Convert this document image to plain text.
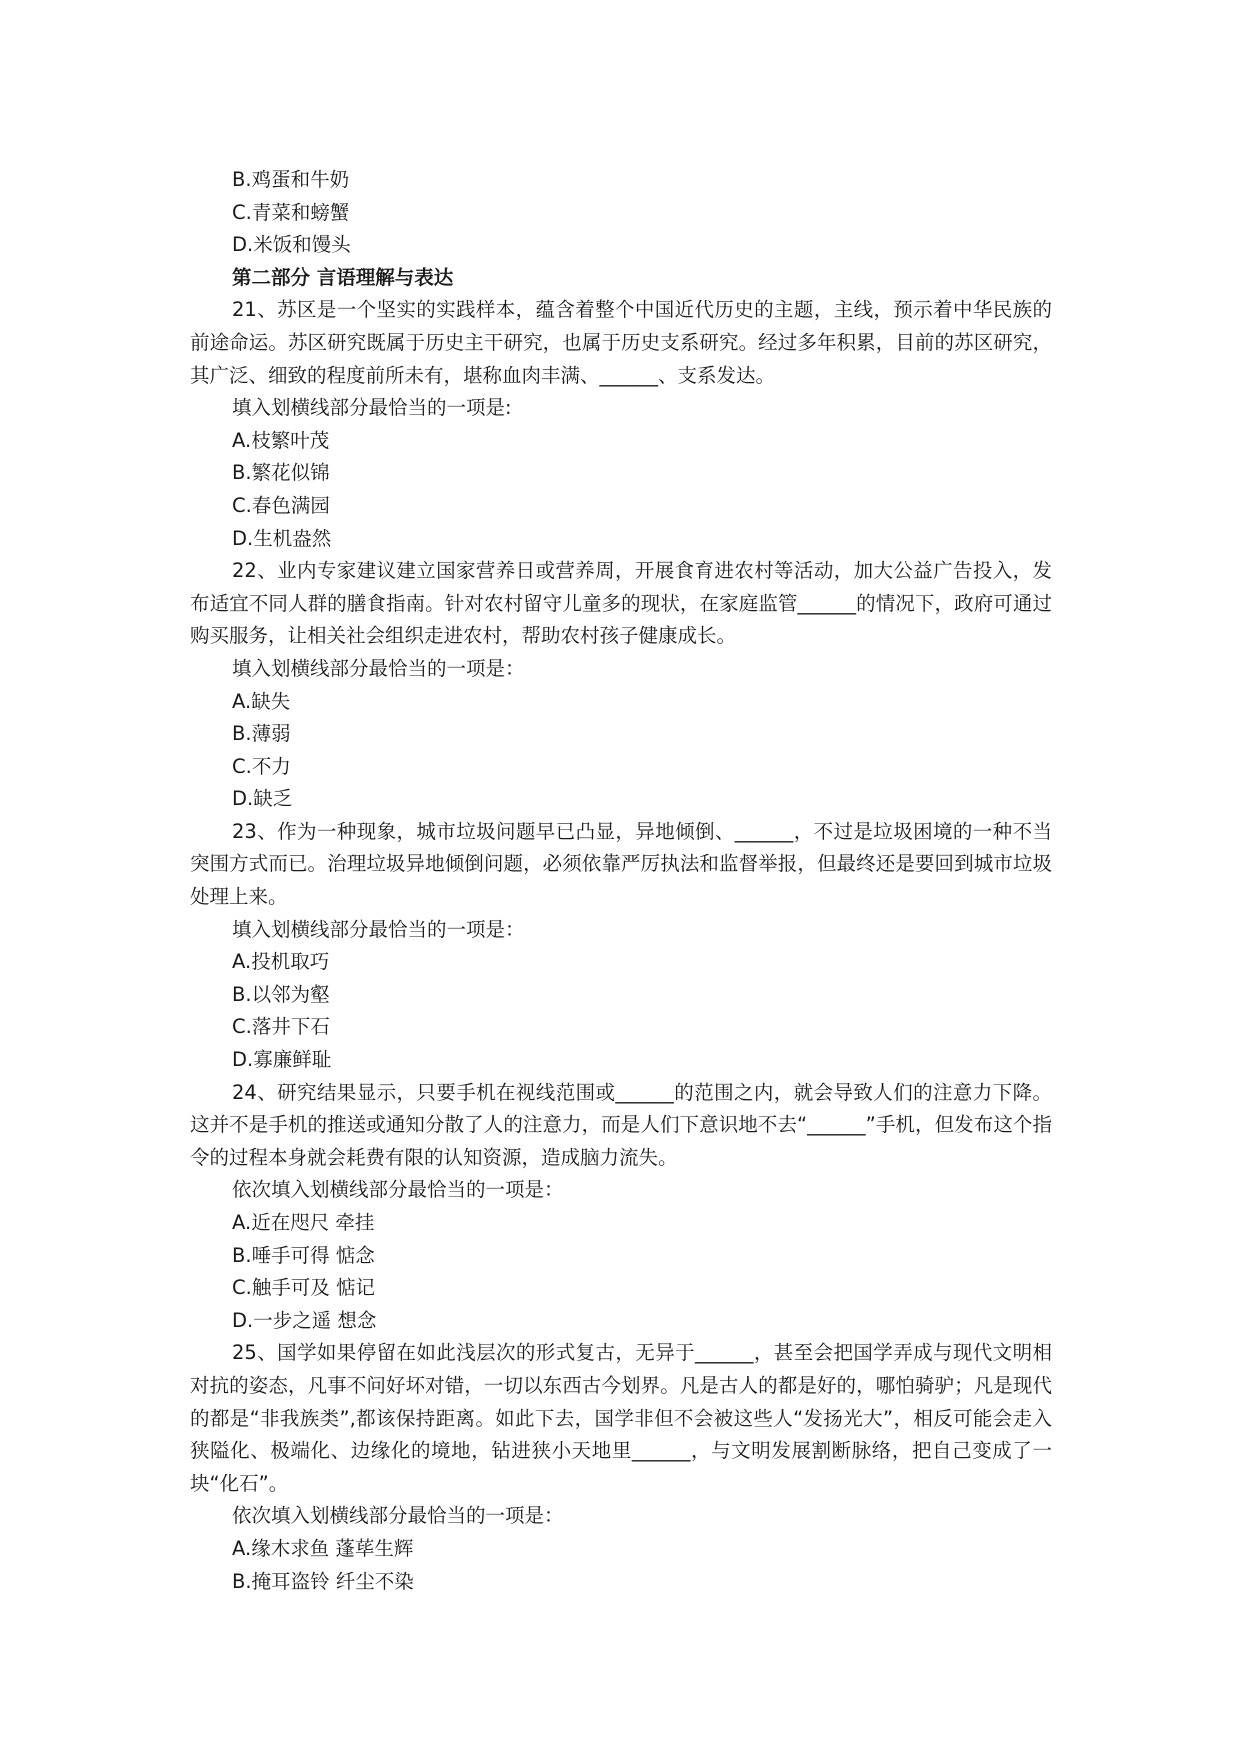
B.鸡蛋和牛奶
C.青菜和螃蟹
D.米饭和馒头
第二部分 言语理解与表达

21、苏区是一个坚实的实践样本，蕴含着整个中国近代历史的主题，主线，预示着中华民族的前途命运。苏区研究既属于历史主干研究，也属于历史支系研究。经过多年积累，目前的苏区研究，其广泛、细致的程度前所未有，堪称血肉丰满、______、支系发达。

填入划横线部分最恰当的一项是:
A.枝繁叶茂
B.繁花似锦
C.春色满园
D.生机盎然

22、业内专家建议建立国家营养日或营养周，开展食育进农村等活动，加大公益广告投入，发布适宜不同人群的膳食指南。针对农村留守儿童多的现状，在家庭监管______的情况下，政府可通过购买服务，让相关社会组织走进农村，帮助农村孩子健康成长。

填入划横线部分最恰当的一项是：
A.缺失
B.薄弱
C.不力
D.缺乏

23、作为一种现象，城市垃圾问题早已凸显，异地倾倒、______，不过是垃圾困境的一种不当突围方式而已。治理垃圾异地倾倒问题，必须依靠严厉执法和监督举报，但最终还是要回到城市垃圾处理上来。

填入划横线部分最恰当的一项是：
A.投机取巧
B.以邻为壑
C.落井下石
D.寡廉鲜耻

24、研究结果显示，只要手机在视线范围或______的范围之内，就会导致人们的注意力下降。这并不是手机的推送或通知分散了人的注意力，而是人们下意识地不去“______”手机，但发布这个指令的过程本身就会耗费有限的认知资源，造成脑力流失。

依次填入划横线部分最恰当的一项是：
A.近在咫尺 牵挂
B.唾手可得 惦念
C.触手可及 惦记
D.一步之遥 想念

25、国学如果停留在如此浅层次的形式复古，无异于______，甚至会把国学弄成与现代文明相对抗的姿态，凡事不问好坏对错，一切以东西古今划界。凡是古人的都是好的，哪怕骑驴；凡是现代的都是“非我族类”,都该保持距离。如此下去，国学非但不会被这些人“发扬光大”，相反可能会走入狭隘化、极端化、边缘化的境地，钻进狭小天地里______，与文明发展割断脉络，把自己变成了一块“化石”。

依次填入划横线部分最恰当的一项是：
A.缘木求鱼 蓬荜生辉
B.掩耳盗铃 纤尘不染
